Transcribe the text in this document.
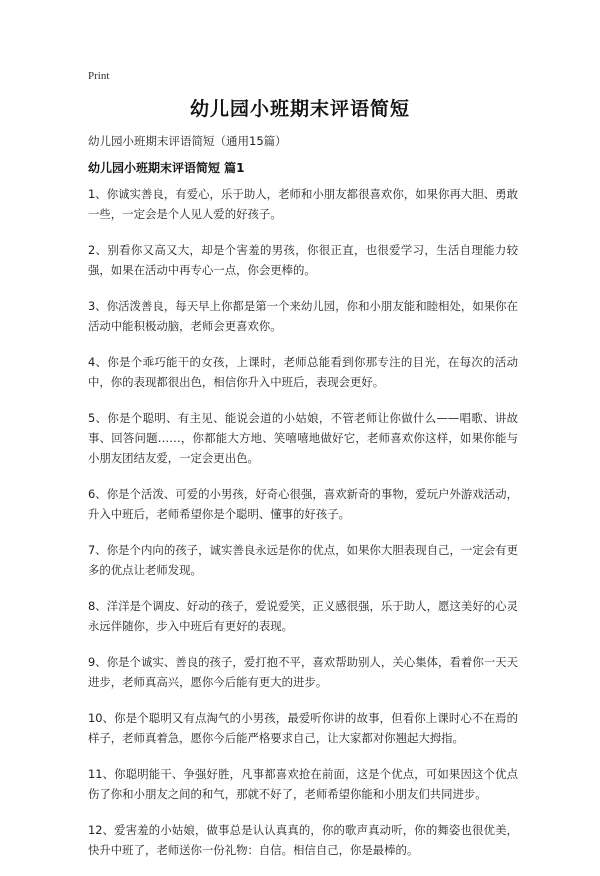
Print
幼儿园小班期末评语简短
幼儿园小班期末评语简短（通用15篇）
幼儿园小班期末评语简短 篇1

1、你诚实善良，有爱心，乐于助人，老师和小朋友都很喜欢你，如果你再大胆、勇敢一些，一定会是个人见人爱的好孩子。

2、别看你又高又大，却是个害羞的男孩，你很正直，也很爱学习，生活自理能力较强，如果在活动中再专心一点，你会更棒的。

3、你活泼善良，每天早上你都是第一个来幼儿园，你和小朋友能和睦相处，如果你在活动中能积极动脑，老师会更喜欢你。

4、你是个乖巧能干的女孩，上课时，老师总能看到你那专注的目光，在每次的活动中，你的表现都很出色，相信你升入中班后，表现会更好。

5、你是个聪明、有主见、能说会道的小姑娘，不管老师让你做什么——唱歌、讲故事、回答问题……，你都能大方地、笑嘻嘻地做好它，老师喜欢你这样，如果你能与小朋友团结友爱，一定会更出色。

6、你是个活泼、可爱的小男孩，好奇心很强，喜欢新奇的事物，爱玩户外游戏活动，升入中班后，老师希望你是个聪明、懂事的好孩子。

7、你是个内向的孩子，诚实善良永远是你的优点，如果你大胆表现自己，一定会有更多的优点让老师发现。

8、洋洋是个调皮、好动的孩子，爱说爱笑，正义感很强，乐于助人，愿这美好的心灵永远伴随你，步入中班后有更好的表现。

9、你是个诚实、善良的孩子，爱打抱不平，喜欢帮助别人，关心集体，看着你一天天进步，老师真高兴，愿你今后能有更大的进步。

10、你是个聪明又有点淘气的小男孩，最爱听你讲的故事，但看你上课时心不在焉的样子，老师真着急，愿你今后能严格要求自己，让大家都对你翘起大拇指。

11、你聪明能干、争强好胜，凡事都喜欢抢在前面，这是个优点，可如果因这个优点伤了你和小朋友之间的和气，那就不好了，老师希望你能和小朋友们共同进步。

12、爱害羞的小姑娘，做事总是认认真真的，你的歌声真动听，你的舞姿也很优美，快升中班了，老师送你一份礼物：自信。相信自己，你是最棒的。
